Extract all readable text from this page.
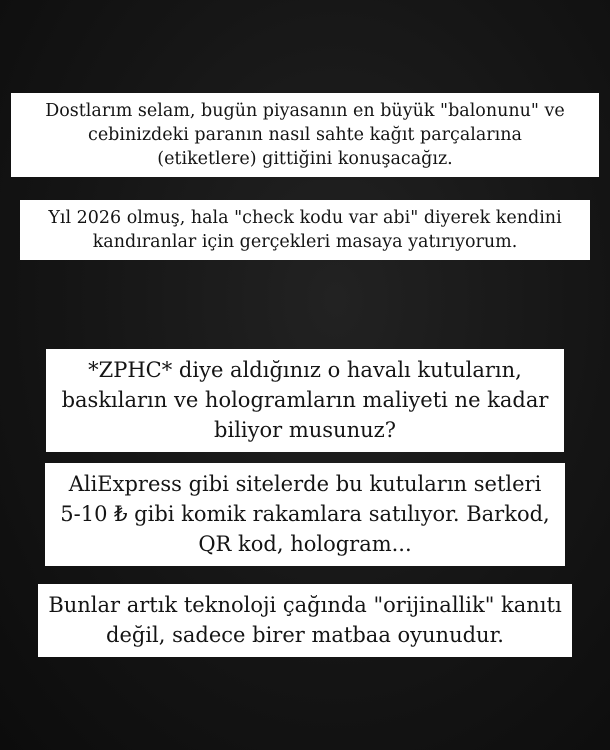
Dostlarım selam, bugün piyasanın en büyük "balonunu" ve
cebinizdeki paranın nasıl sahte kağıt parçalarına
(etiketlere) gittiğini konuşacağız.
Yıl 2026 olmuş, hala "check kodu var abi" diyerek kendini
kandıranlar için gerçekleri masaya yatırıyorum.
*ZPHC* diye aldığınız o havalı kutuların,
baskıların ve hologramların maliyeti ne kadar
biliyor musunuz?
AliExpress gibi sitelerde bu kutuların setleri
5-10 ₺ gibi komik rakamlara satılıyor. Barkod,
QR kod, hologram...
Bunlar artık teknoloji çağında "orijinallik" kanıtı
değil, sadece birer matbaa oyunudur.
